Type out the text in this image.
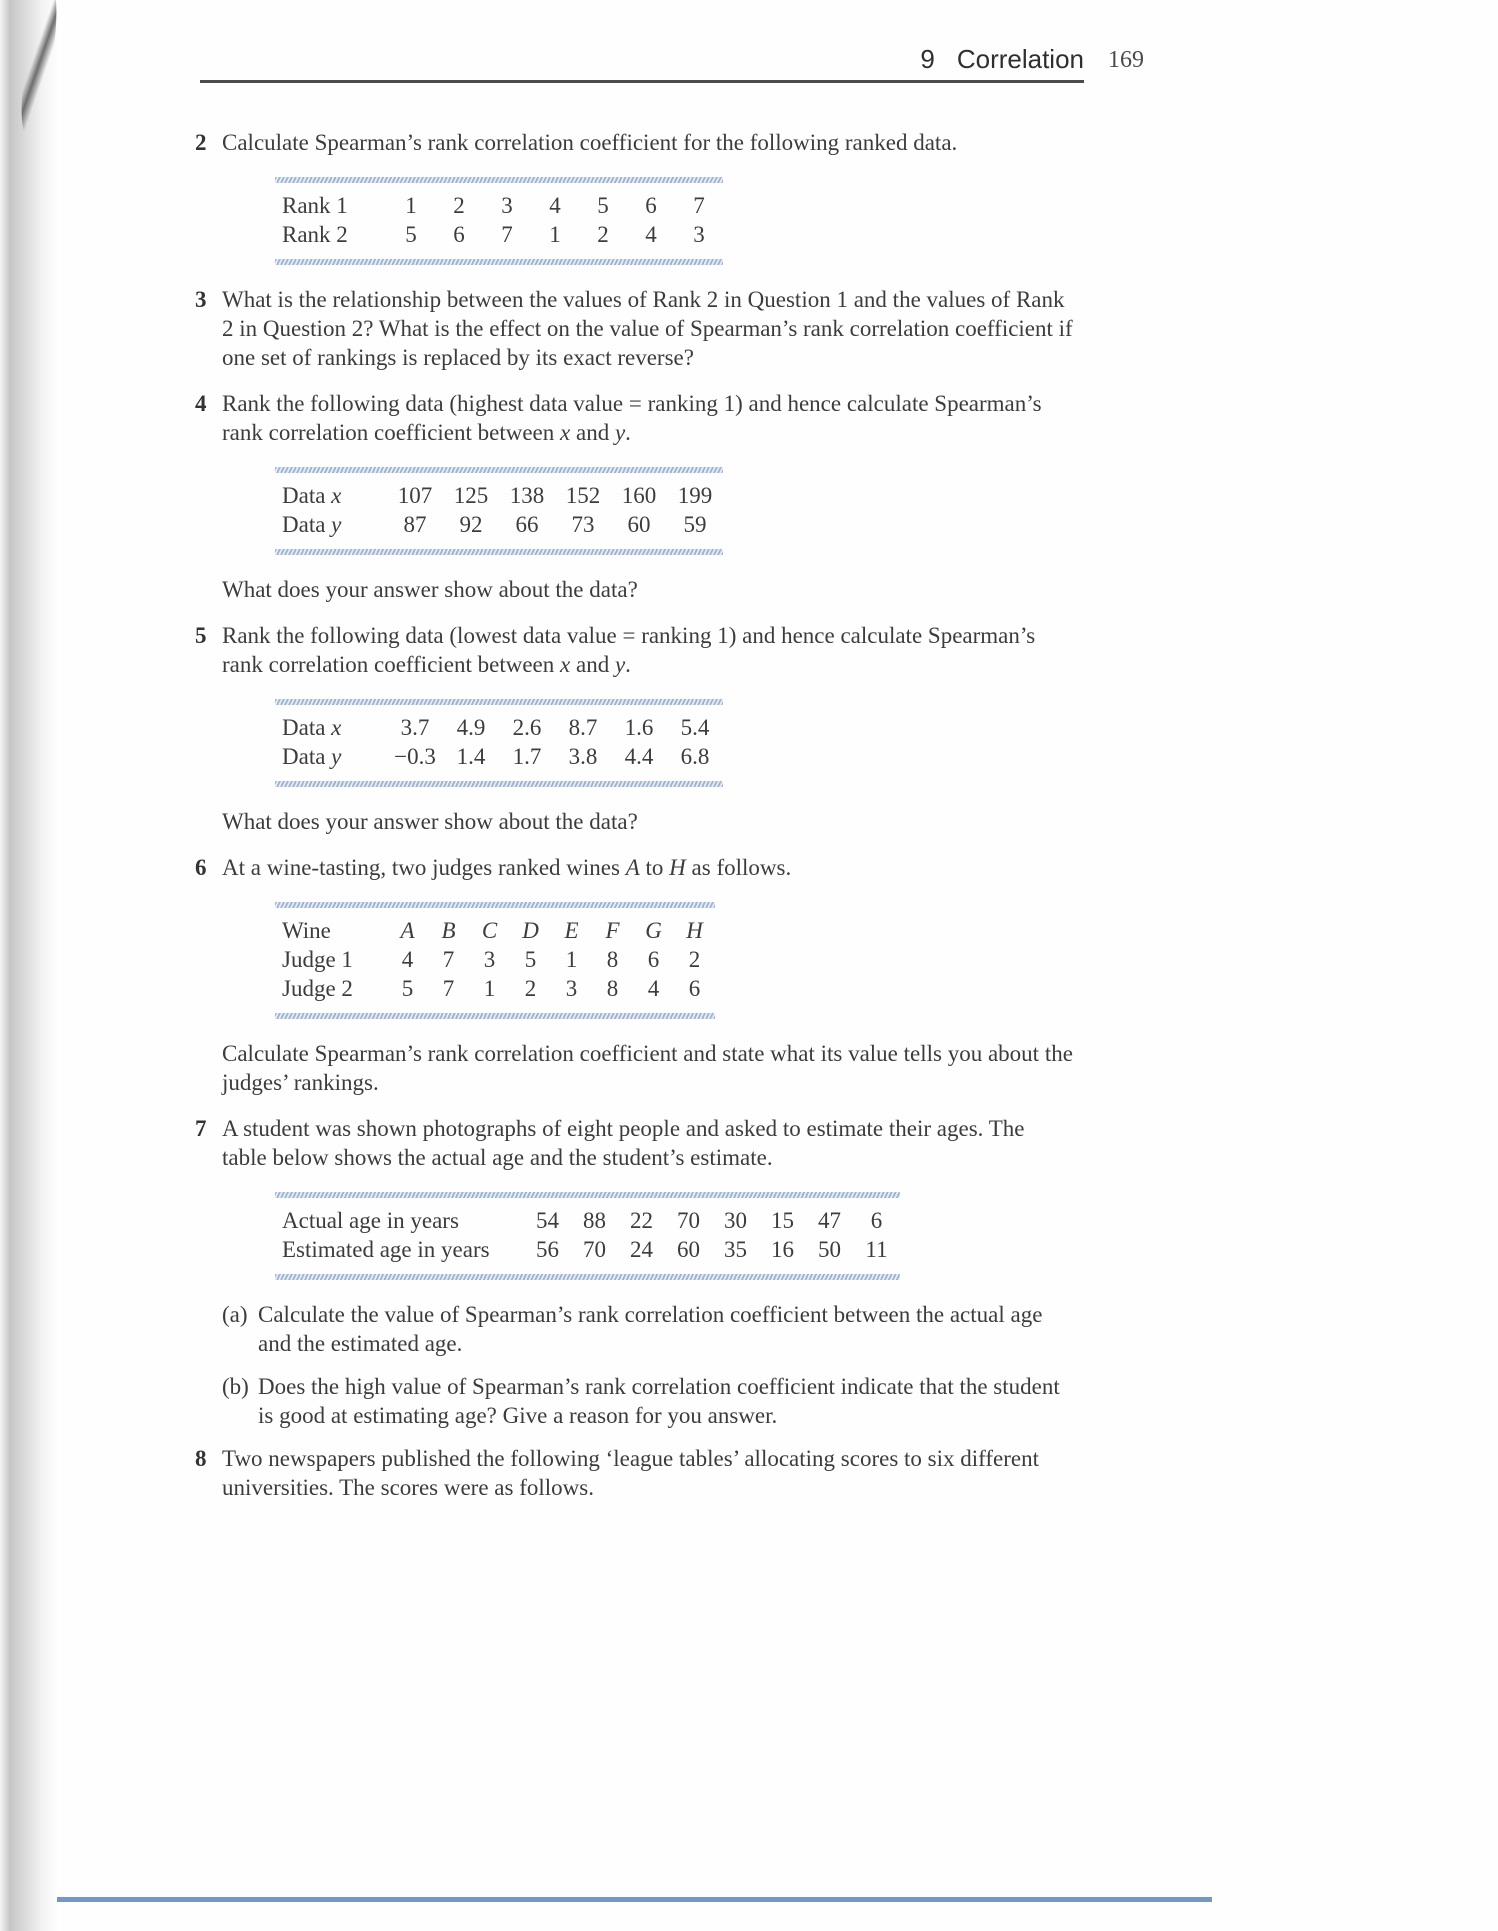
9 Correlation 169
2 Calculate Spearman’s rank correlation coefficient for the following ranked data.

Rank 1	1	2	3	4	5	6	7
Rank 2	5	6	7	1	2	4	3
3 What is the relationship between the values of Rank 2 in Question 1 and the values of Rank 2 in Question 2? What is the effect on the value of Spearman’s rank correlation coefficient if one set of rankings is replaced by its exact reverse?

4 Rank the following data (highest data value = ranking 1) and hence calculate Spearman’s rank correlation coefficient between x and y.

Data x	107 125 138 152 160 199
Data y	87	92	66	73	60	59

What does your answer show about the data?

5 Rank the following data (lowest data value = ranking 1) and hence calculate Spearman’s rank correlation coefficient between x and y.

Data x	3.7	4.9	2.6	8.7	1.6	5.4
Data y	−0.3 1.4	1.7	3.8	4.4	6.8

What does your answer show about the data?

6 At a wine-tasting, two judges ranked wines A to H as follows.

Wine	A	B	C	D	E	F	G	H
Judge 1	4	7	3	5	1	8	6	2
Judge 2	5	7	1	2	3	8	4	6

Calculate Spearman’s rank correlation coefficient and state what its value tells you about the judges’ rankings.

7 A student was shown photographs of eight people and asked to estimate their ages. The table below shows the actual age and the student’s estimate.

Actual age in years	54	88	22	70	30	15	47	6
Estimated age in years	56	70	24	60	35	16	50	11
(a) Calculate the value of Spearman’s rank correlation coefficient between the actual age and the estimated age.

(b) Does the high value of Spearman’s rank correlation coefficient indicate that the student is good at estimating age? Give a reason for you answer.

8 Two newspapers published the following ‘league tables’ allocating scores to six different universities. The scores were as follows.
